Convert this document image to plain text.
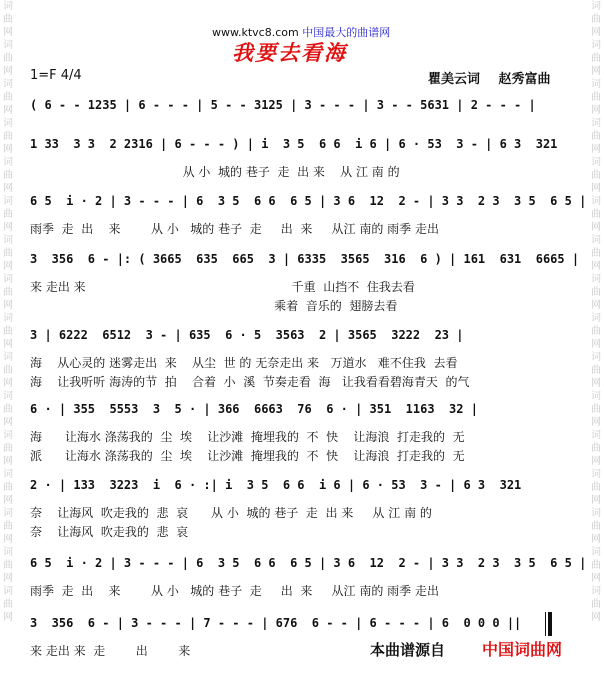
词
曲
网
词
曲
网
词
曲
网
词
曲
网
词
曲
网
词
曲
网
词
曲
网
词
曲
网
词
曲
网
词
曲
网
词
曲
网
词
曲
网
词
曲
网
词
曲
网
词
曲
网
词
曲
网
词
曲
网
词
曲
网
词
曲
网
词
曲
网
词
曲
网
词
曲
网
词
曲
网
词
曲
网
词
曲
网
词
曲
网
词
曲
网
词
曲
网
词
曲
网
词
曲
网
词
曲
网
词
曲
网
www.ktvc8.com 中国最大的曲谱网
我要去看海
1=F 4/4	瞿美云词 赵秀富曲
( 6 - - 1235 | 6 - - - | 5 - - 3125 | 3 - - - | 3 - - 5631 | 2 - - - |
1 33  3 3  2 2316 | 6 - - - ) | i  3 5  6 6  i 6 | 6 · 53  3 - | 6 3  321
从 小  城的 巷子  走  出 来    从 江 南 的
6 5  i · 2 | 3 - - - | 6  3 5  6 6  6 5 | 3 6  12  2 - | 3 3  2 3  3 5  6 5 |
雨季  走  出    来        从 小   城的 巷子  走     出  来     从江 南的 雨季 走出
3  356  6 - |: ( 3665  635  665  3 | 6335  3565  316  6 ) | 161  631  6665 |
来 走出 来                                                      千重  山挡不  住我去看
乘着  音乐的  翅膀去看
3 | 6222  6512  3 - | 635  6 · 5  3563  2 | 3565  3222  23 |
海    从心灵的 迷雾走出  来    从尘  世 的 无奈走出 来   万道水   难不住我  去看
海    让我听听 海涛的节  拍    合着  小  溪  节奏走看  海   让我看看碧海青天  的气
6 · | 355  5553  3  5 · | 366  6663  76  6 · | 351  1163  32 |
海      让海水 涤荡我的  尘  埃    让沙滩  掩埋我的  不  快    让海浪  打走我的  无
派      让海水 涤荡我的  尘  埃    让沙滩  掩埋我的  不  快    让海浪  打走我的  无
2 · | 133  3223  i  6 · :| i  3 5  6 6  i 6 | 6 · 53  3 - | 6 3  321
奈    让海风  吹走我的  悲  哀      从 小  城的 巷子  走  出 来     从 江 南 的
奈    让海风  吹走我的  悲  哀
6 5  i · 2 | 3 - - - | 6  3 5  6 6  6 5 | 3 6  12  2 - | 3 3  2 3  3 5  6 5 |
雨季  走  出    来        从 小   城的 巷子  走     出  来     从江 南的 雨季 走出
3  356  6 - | 3 - - - | 7 - - - | 676  6 - - | 6 - - - | 6  0 0 0 ||
来 走出 来  走        出        来	本曲谱源自 中国词曲网
